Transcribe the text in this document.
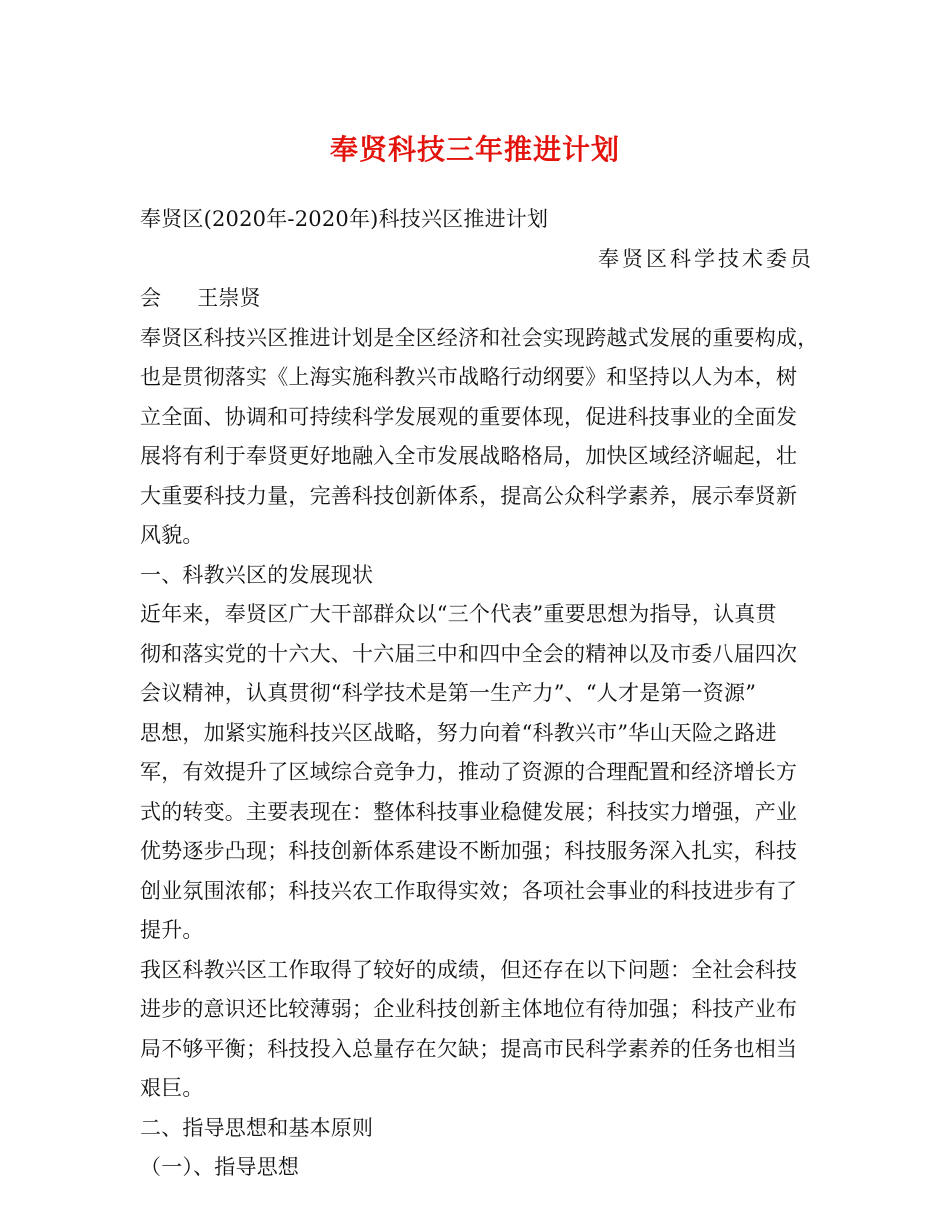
奉贤科技三年推进计划
奉贤区(2020年-2020年)科技兴区推进计划
奉贤区科学技术委员
会 王崇贤
奉贤区科技兴区推进计划是全区经济和社会实现跨越式发展的重要构成，
也是贯彻落实《上海实施科教兴市战略行动纲要》和坚持以人为本，树
立全面、协调和可持续科学发展观的重要体现，促进科技事业的全面发
展将有利于奉贤更好地融入全市发展战略格局，加快区域经济崛起，壮
大重要科技力量，完善科技创新体系，提高公众科学素养，展示奉贤新
风貌。
一、科教兴区的发展现状
近年来，奉贤区广大干部群众以“三个代表”重要思想为指导，认真贯
彻和落实党的十六大、十六届三中和四中全会的精神以及市委八届四次
会议精神，认真贯彻“科学技术是第一生产力”、“人才是第一资源”
思想，加紧实施科技兴区战略，努力向着“科教兴市”华山天险之路进
军，有效提升了区域综合竞争力，推动了资源的合理配置和经济增长方
式的转变。主要表现在：整体科技事业稳健发展；科技实力增强，产业
优势逐步凸现；科技创新体系建设不断加强；科技服务深入扎实，科技
创业氛围浓郁；科技兴农工作取得实效；各项社会事业的科技进步有了
提升。
我区科教兴区工作取得了较好的成绩，但还存在以下问题：全社会科技
进步的意识还比较薄弱；企业科技创新主体地位有待加强；科技产业布
局不够平衡；科技投入总量存在欠缺；提高市民科学素养的任务也相当
艰巨。
二、指导思想和基本原则
（一）、指导思想
